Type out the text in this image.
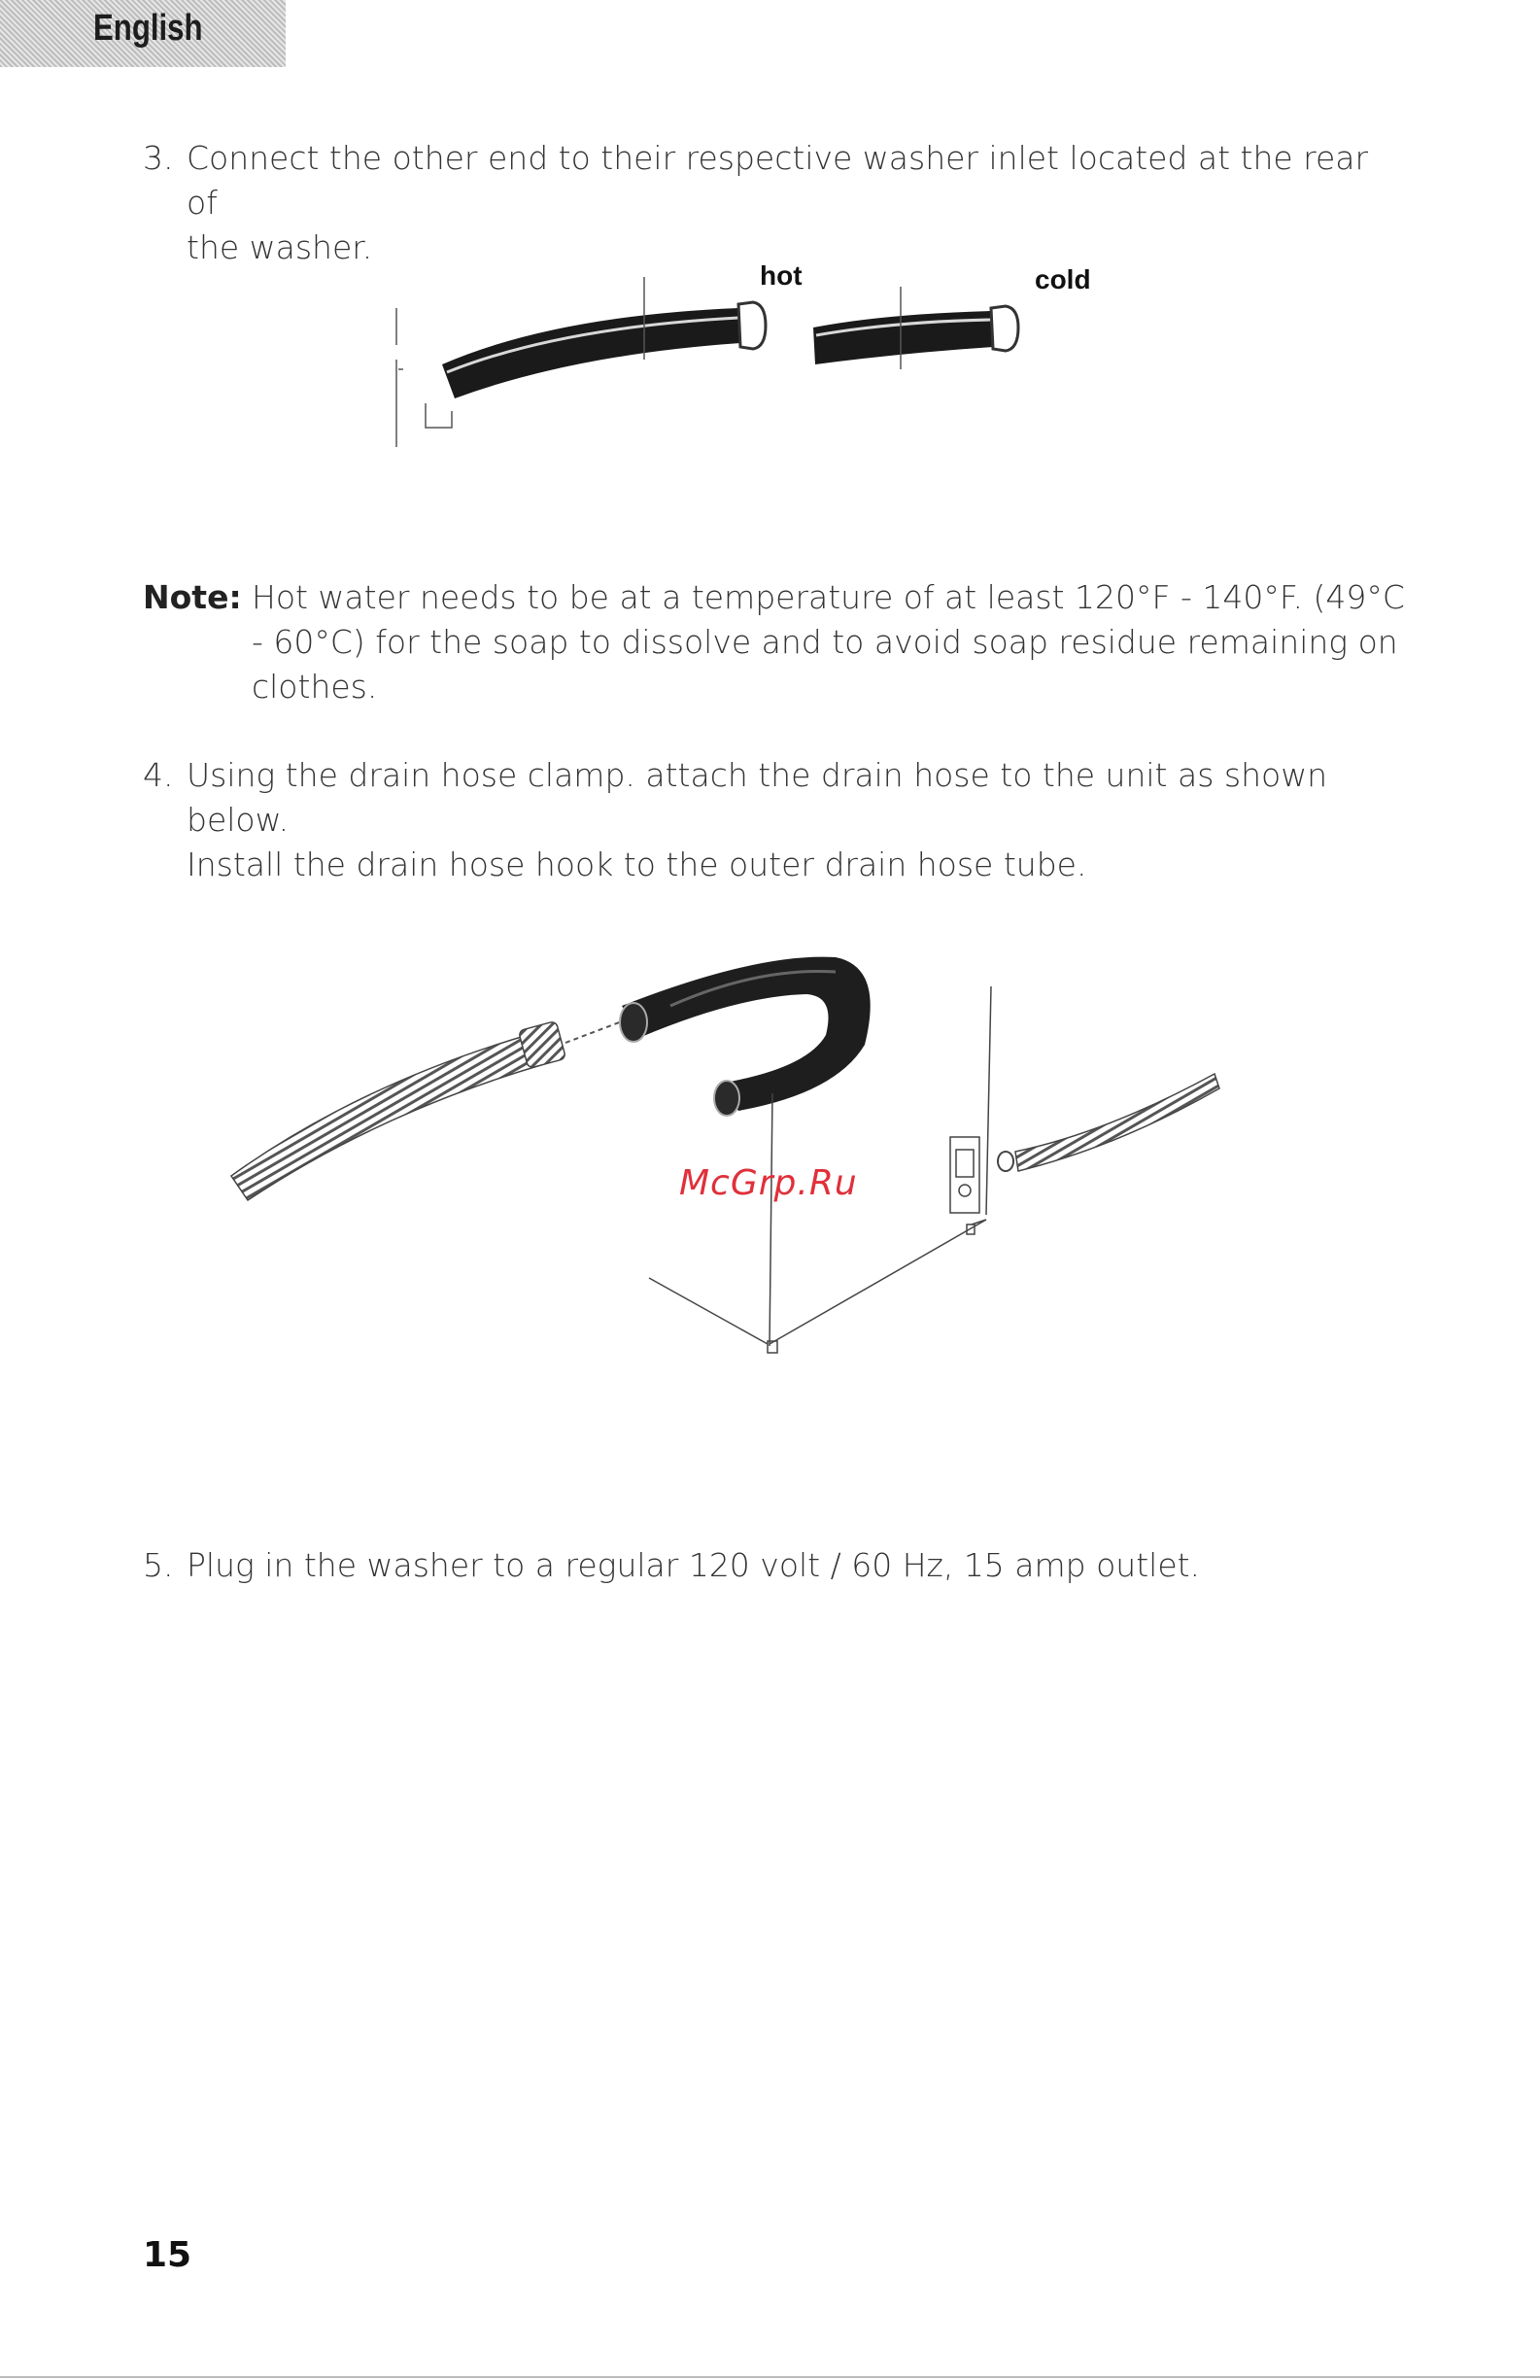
English
3. Connect the other end to their respective washer inlet located at the rear of
the washer.
hot	cold
Note: Hot water needs to be at a temperature of at least 120°F - 140°F. (49°C
- 60°C) for the soap to dissolve and to avoid soap residue remaining on
clothes.
4. Using the drain hose clamp. attach the drain hose to the unit as shown below.
Install the drain hose hook to the outer drain hose tube.
McGrp.Ru
5. Plug in the washer to a regular 120 volt / 60 Hz, 15 amp outlet.
15
